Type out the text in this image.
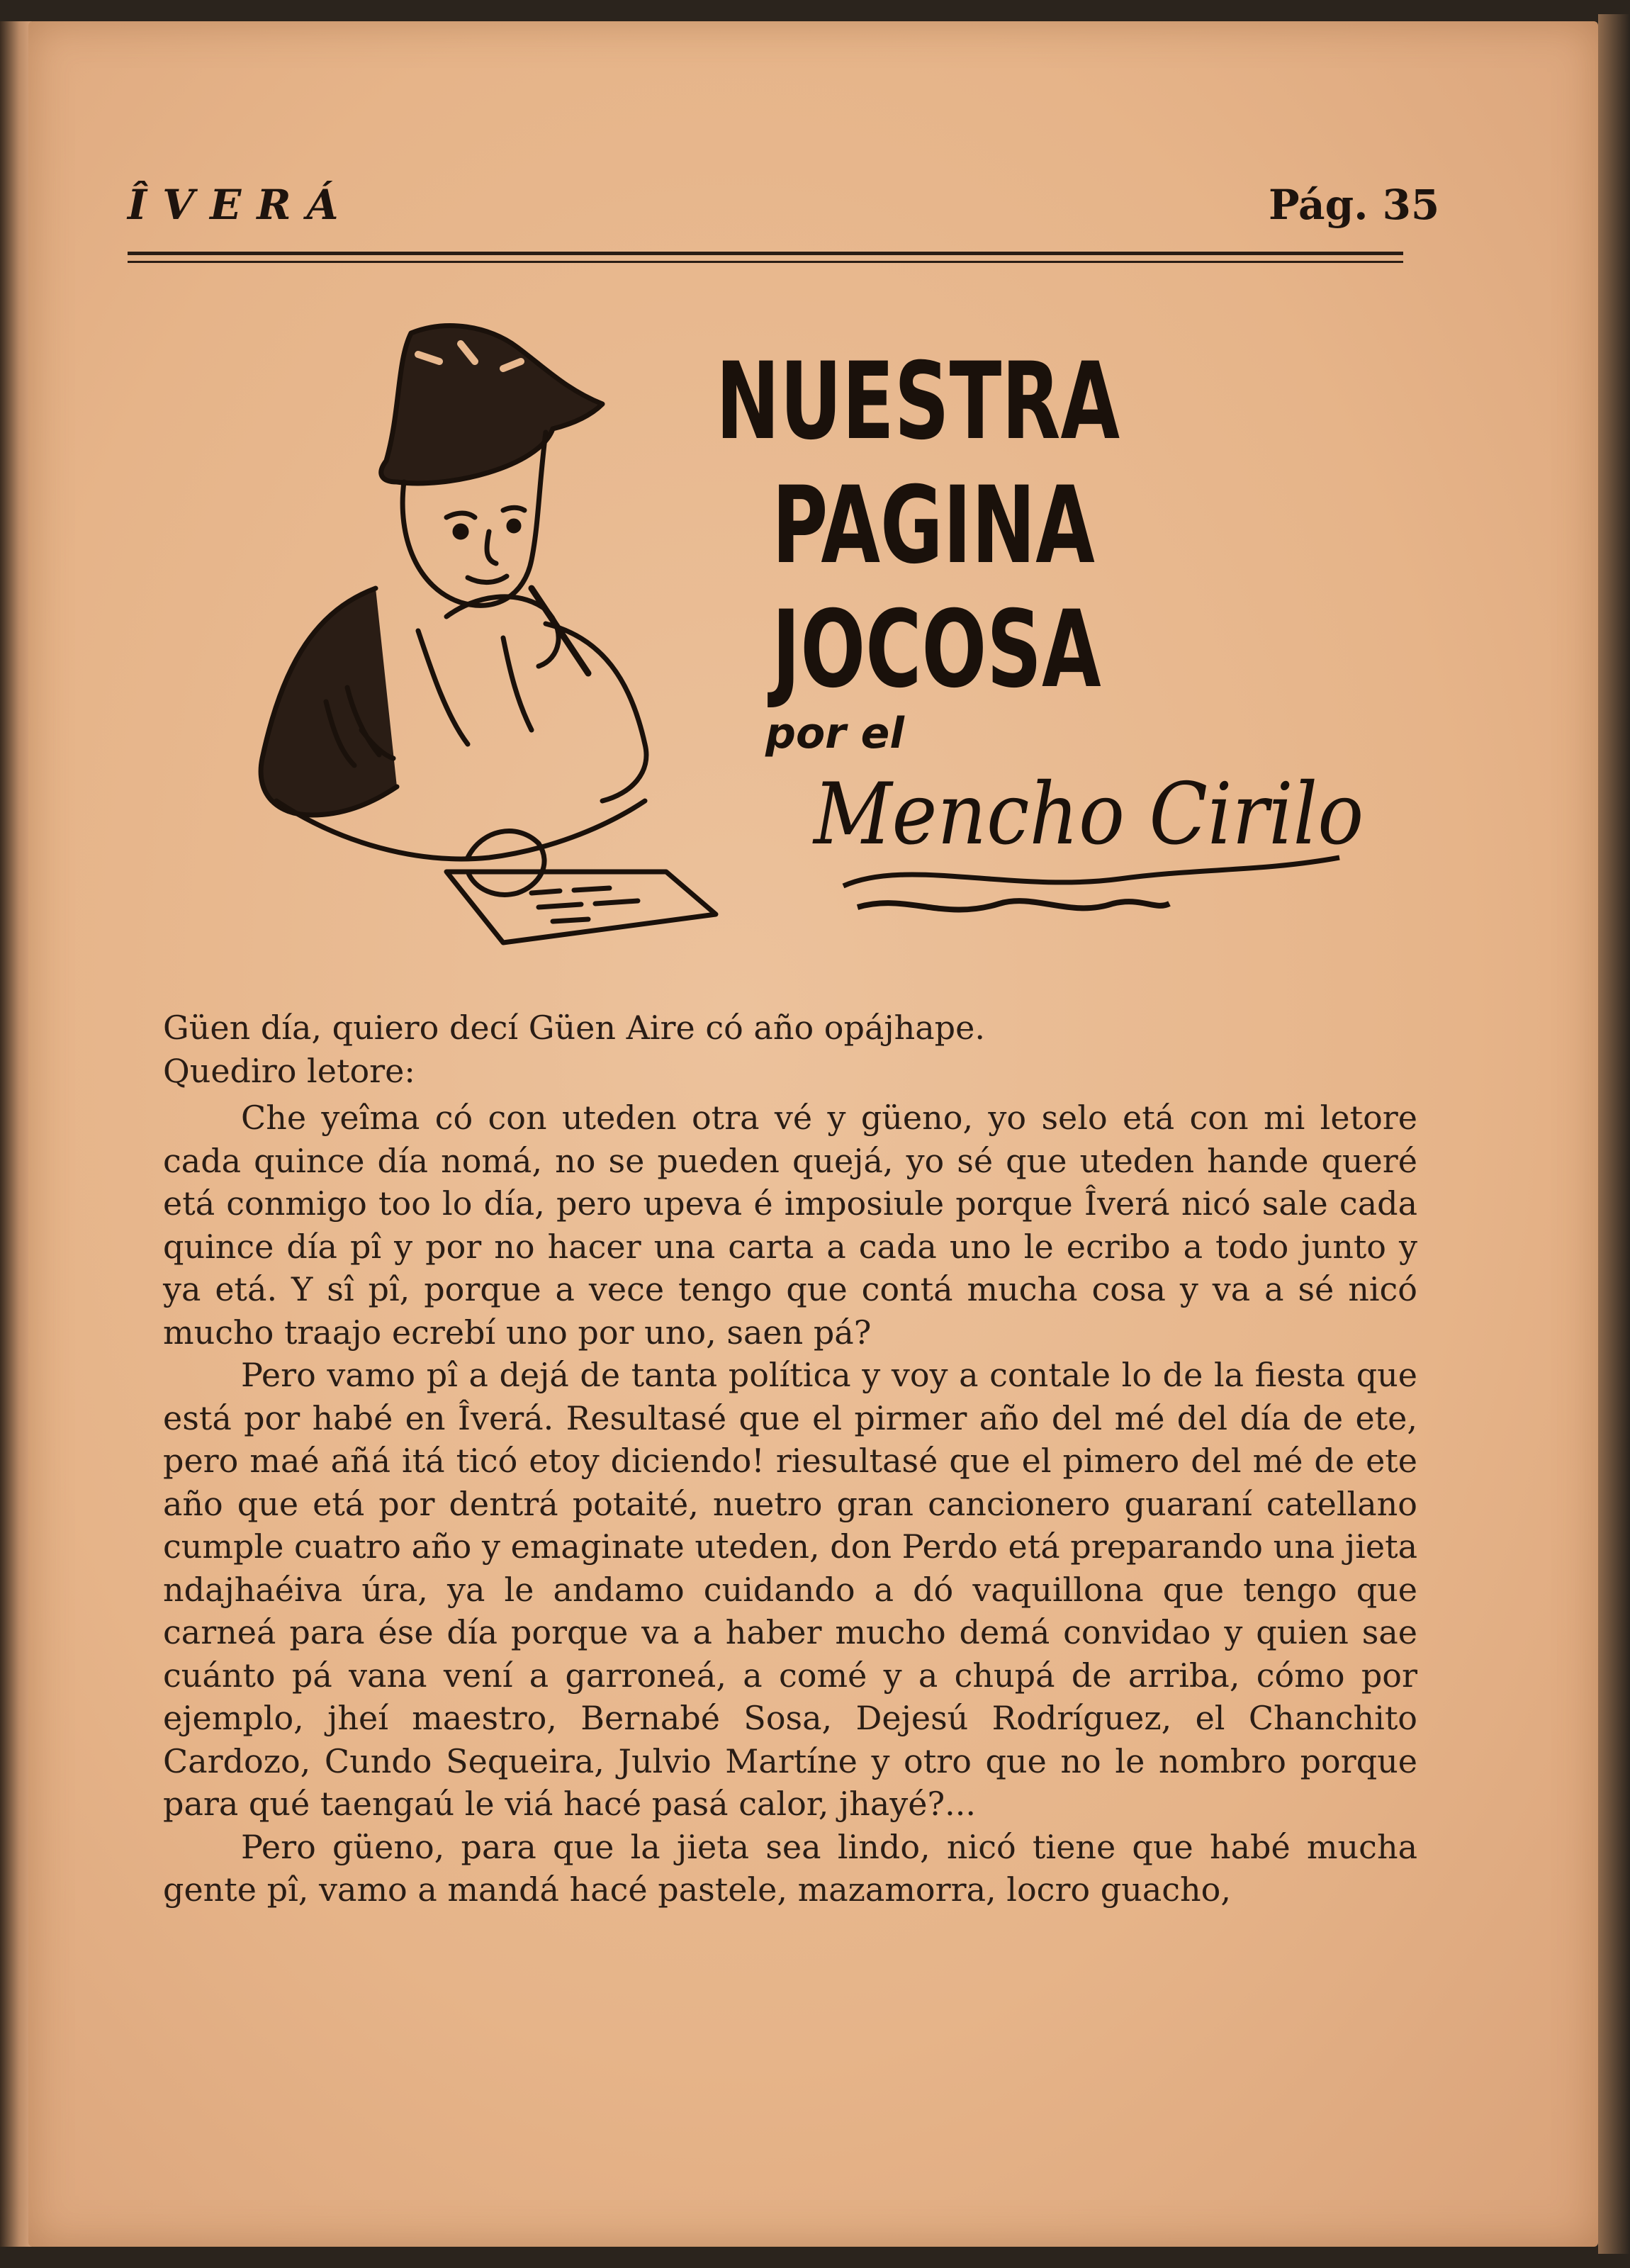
ÎVERÁ	Pág. 35
NUESTRA
PAGINA
JOCOSA
por el
Mencho Cirilo

Güen día, quiero decí Güen Aire có año opájhape.

Quediro letore:

Che yeîma có con uteden otra vé y güeno, yo selo etá con mi letore cada quince día nomá, no se pueden quejá, yo sé que uteden hande queré etá conmigo too lo día, pero upeva é imposiule porque Îverá nicó sale cada quince día pî y por no hacer una carta a cada uno le ecribo a todo junto y ya etá. Y sî pî, porque a vece tengo que contá mucha cosa y va a sé nicó mucho traajo ecrebí uno por uno, saen pá?

Pero vamo pî a dejá de tanta política y voy a contale lo de la fiesta que está por habé en Îverá. Resultasé que el pirmer año del mé del día de ete, pero maé añá itá ticó etoy diciendo! riesultasé que el pimero del mé de ete año que etá por dentrá potaité, nuetro gran cancionero guaraní catellano cumple cuatro año y emaginate uteden, don Perdo etá preparando una jieta ndajhaéiva úra, ya le andamo cuidando a dó vaquillona que tengo que carneá para ése día porque va a haber mucho demá convidao y quien sae cuánto pá vana vení a garroneá, a comé y a chupá de arriba, cómo por ejemplo, jheí maestro, Bernabé Sosa, Dejesú Rodríguez, el Chanchito Cardozo, Cundo Sequeira, Julvio Martíne y otro que no le nombro porque para qué taengaú le viá hacé pasá calor, jhayé?...

Pero güeno, para que la jieta sea lindo, nicó tiene que habé mucha gente pî, vamo a mandá hacé pastele, mazamorra, locro guacho,
